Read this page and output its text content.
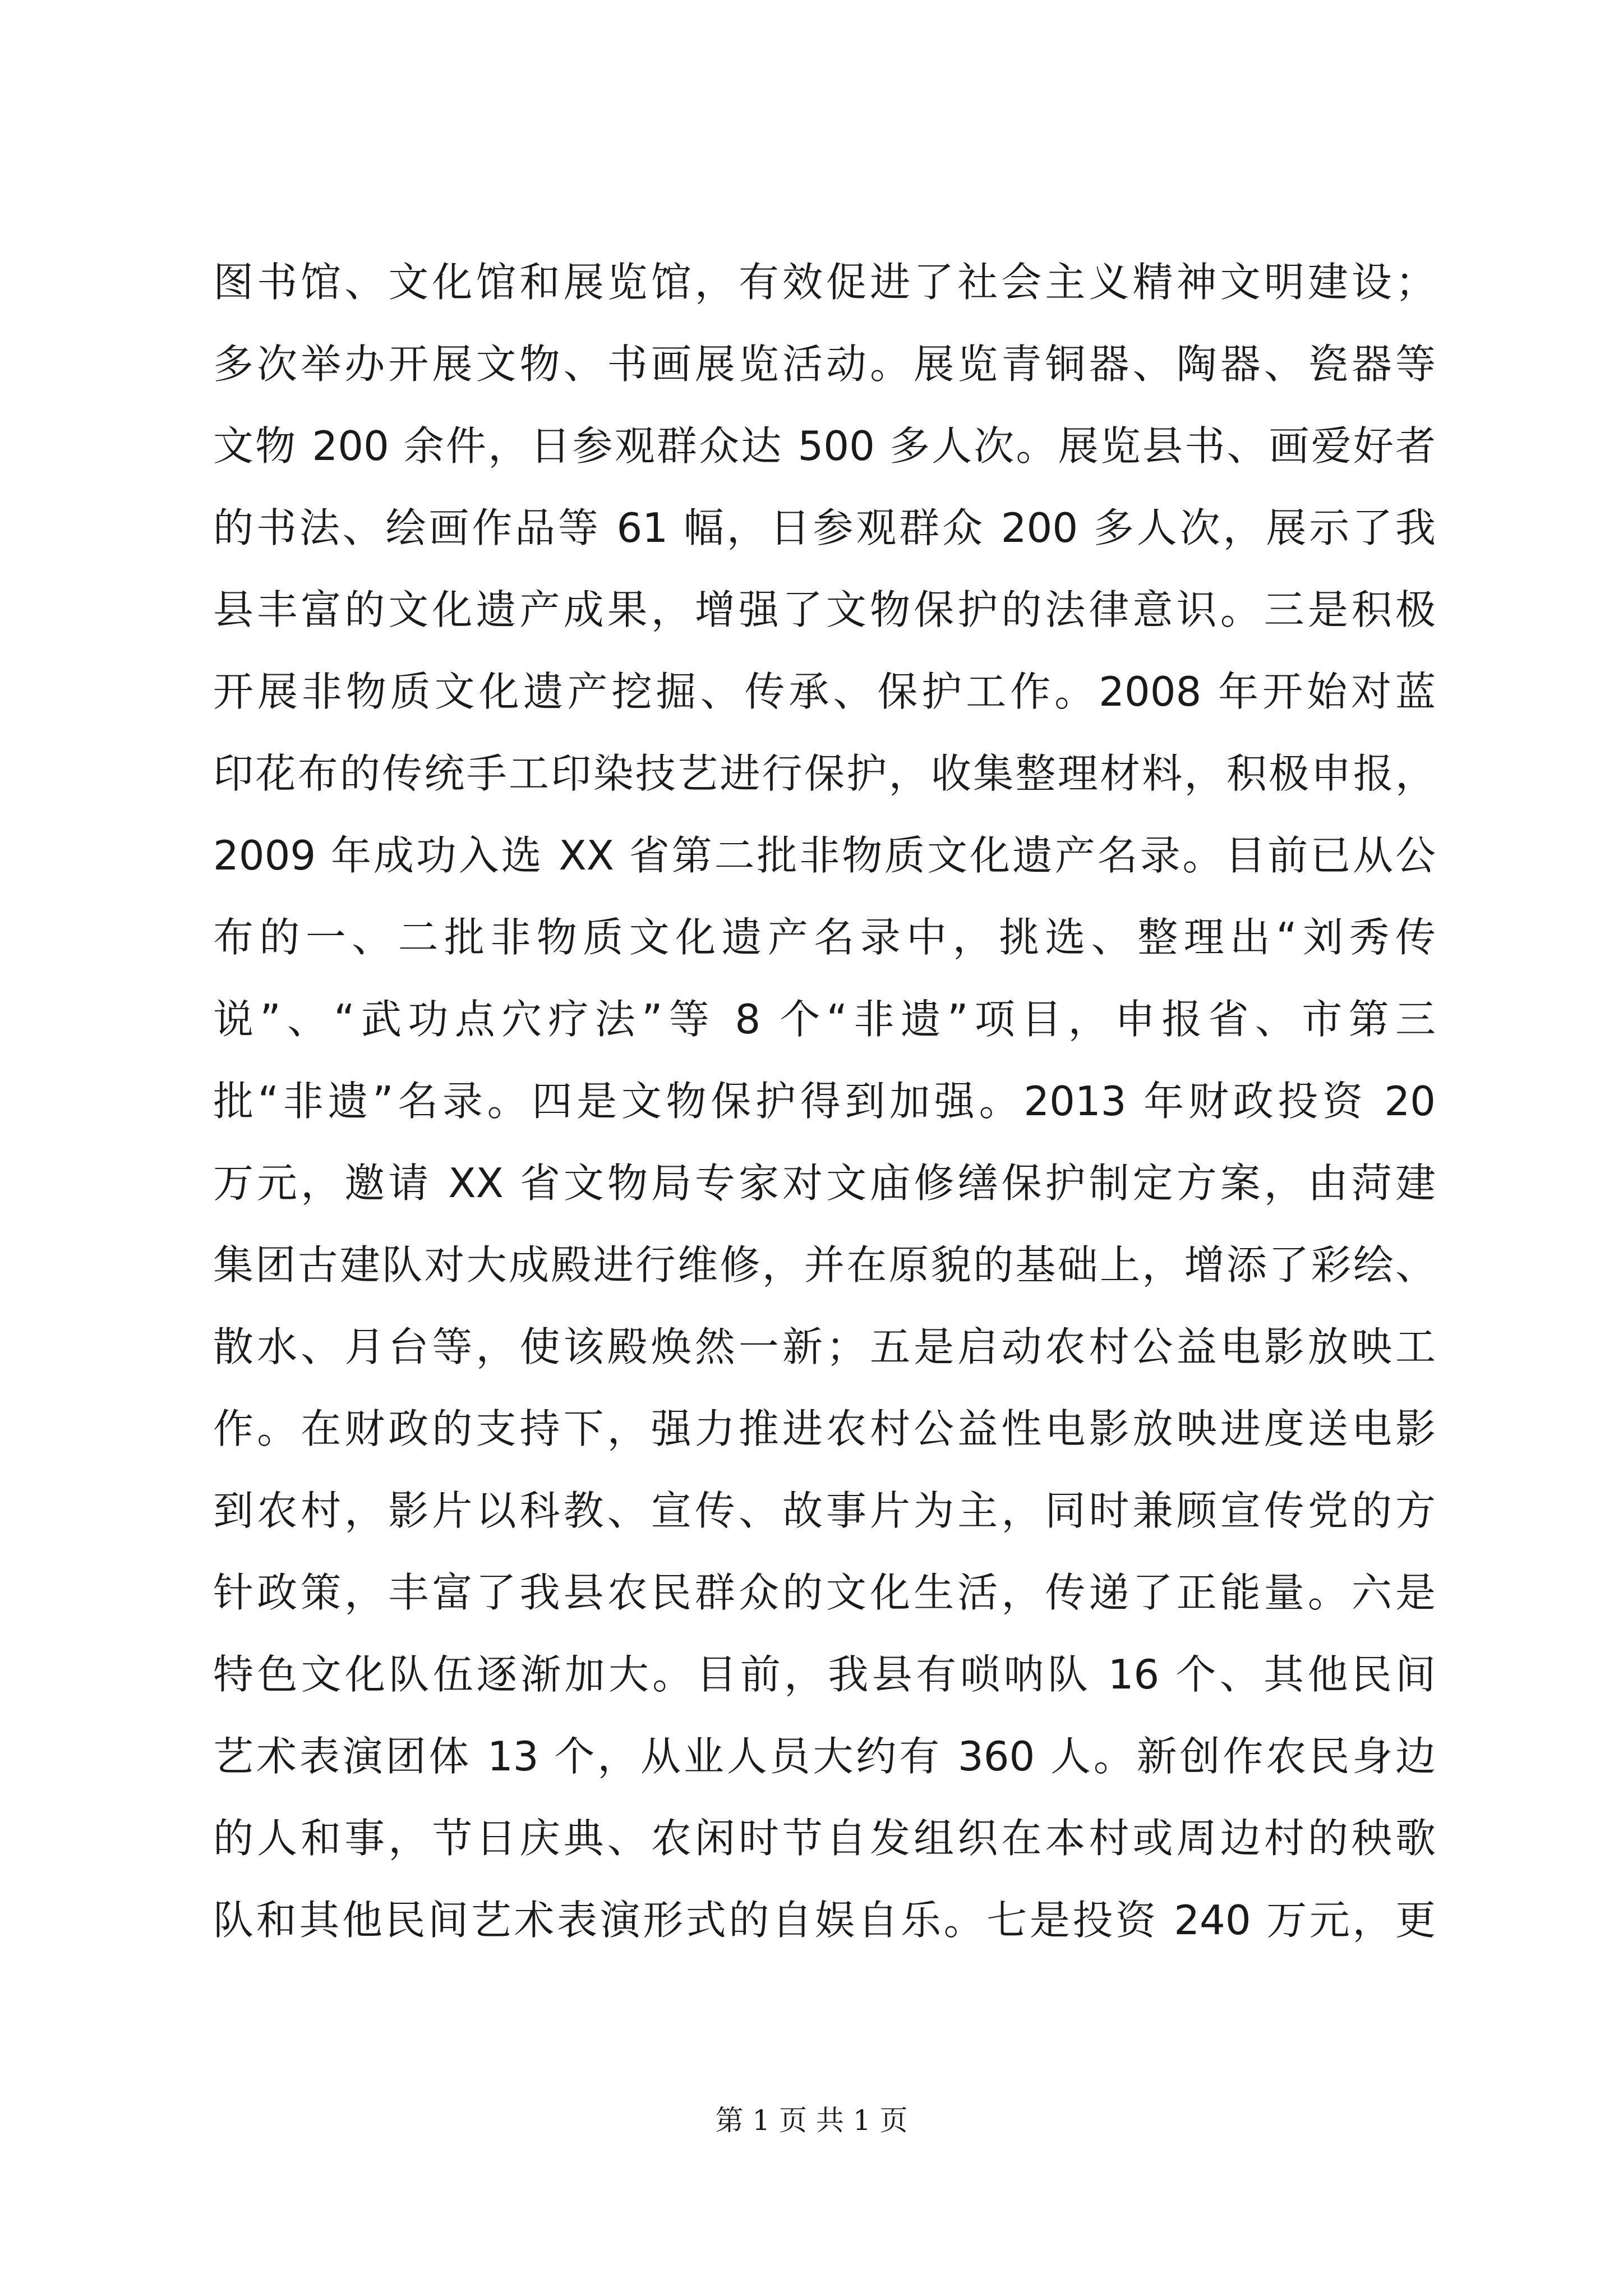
图书馆、文化馆和展览馆，有效促进了社会主义精神文明建设；
多次举办开展文物、书画展览活动。展览青铜器、陶器、瓷器等
文物 200 余件，日参观群众达 500 多人次。展览县书、画爱好者
的书法、绘画作品等 61 幅，日参观群众 200 多人次，展示了我
县丰富的文化遗产成果，增强了文物保护的法律意识。三是积极
开展非物质文化遗产挖掘、传承、保护工作。2008 年开始对蓝
印花布的传统手工印染技艺进行保护，收集整理材料，积极申报，
2009 年成功入选 XX 省第二批非物质文化遗产名录。目前已从公
布的一、二批非物质文化遗产名录中，挑选、整理出“刘秀传
说”、“武功点穴疗法”等 8 个“非遗”项目，申报省、市第三
批“非遗”名录。四是文物保护得到加强。2013 年财政投资 20
万元，邀请 XX 省文物局专家对文庙修缮保护制定方案，由菏建
集团古建队对大成殿进行维修，并在原貌的基础上，增添了彩绘、
散水、月台等，使该殿焕然一新；五是启动农村公益电影放映工
作。在财政的支持下，强力推进农村公益性电影放映进度送电影
到农村，影片以科教、宣传、故事片为主，同时兼顾宣传党的方
针政策，丰富了我县农民群众的文化生活，传递了正能量。六是
特色文化队伍逐渐加大。目前，我县有唢呐队 16 个、其他民间
艺术表演团体 13 个，从业人员大约有 360 人。新创作农民身边
的人和事，节日庆典、农闲时节自发组织在本村或周边村的秧歌
队和其他民间艺术表演形式的自娱自乐。七是投资 240 万元，更
第 1 页 共 1 页
